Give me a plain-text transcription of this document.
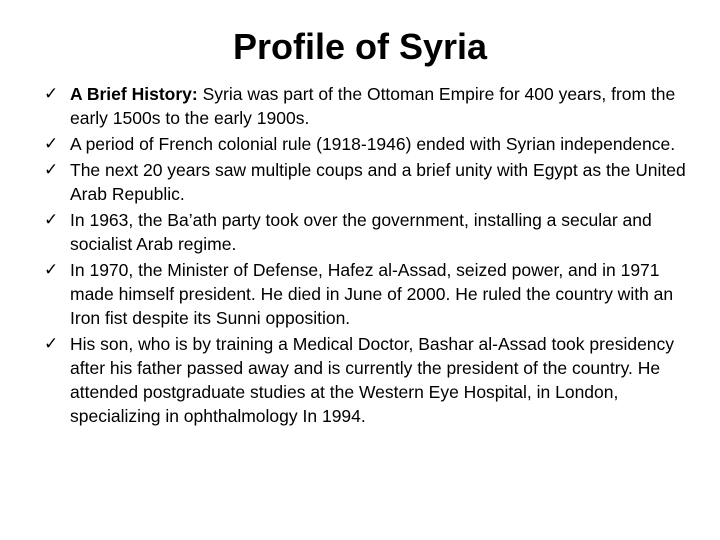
Profile of Syria
✓ A Brief History: Syria was part of the Ottoman Empire for 400 years, from the early 1500s to the early 1900s.
✓ A period of French colonial rule (1918-1946) ended with Syrian independence.
✓ The next 20 years saw multiple coups and a brief unity with Egypt as the United Arab Republic.
✓ In 1963, the Ba’ath party took over the government, installing a secular and socialist Arab regime.
✓ In 1970, the Minister of Defense, Hafez al-Assad, seized power, and in 1971 made himself president. He died in June of 2000. He ruled the country with an Iron fist despite its Sunni opposition.
✓ His son, who is by training a Medical Doctor, Bashar al-Assad took presidency after his father passed away and is currently the president of the country. He attended postgraduate studies at the Western Eye Hospital, in London, specializing in ophthalmology In 1994.
